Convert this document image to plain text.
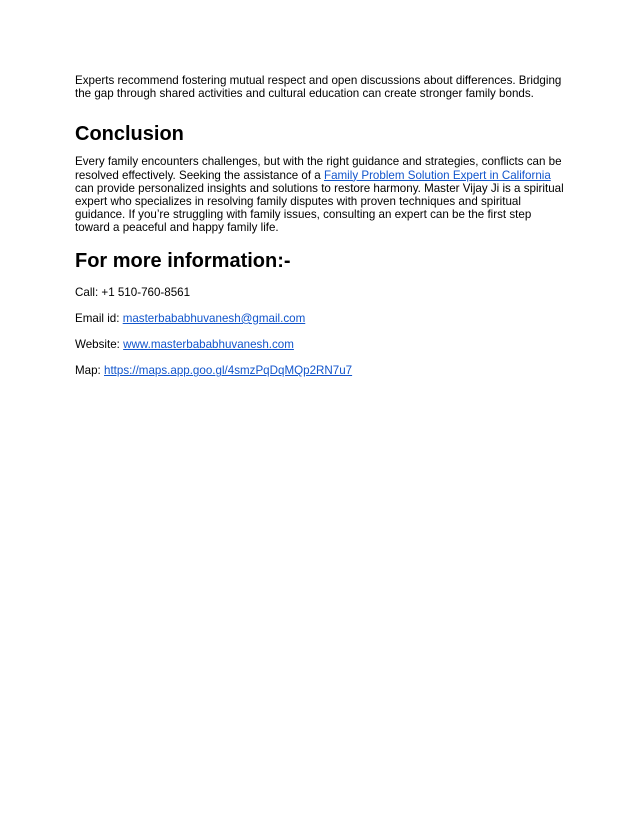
Experts recommend fostering mutual respect and open discussions about differences. Bridging the gap through shared activities and cultural education can create stronger family bonds.

Conclusion

Every family encounters challenges, but with the right guidance and strategies, conflicts can be resolved effectively. Seeking the assistance of a Family Problem Solution Expert in California can provide personalized insights and solutions to restore harmony. Master Vijay Ji is a spiritual expert who specializes in resolving family disputes with proven techniques and spiritual guidance. If you’re struggling with family issues, consulting an expert can be the first step toward a peaceful and happy family life.

For more information:-

Call: +1 510-760-8561

Email id: masterbababhuvanesh@gmail.com

Website: www.masterbababhuvanesh.com

Map: https://maps.app.goo.gl/4smzPqDqMQp2RN7u7
